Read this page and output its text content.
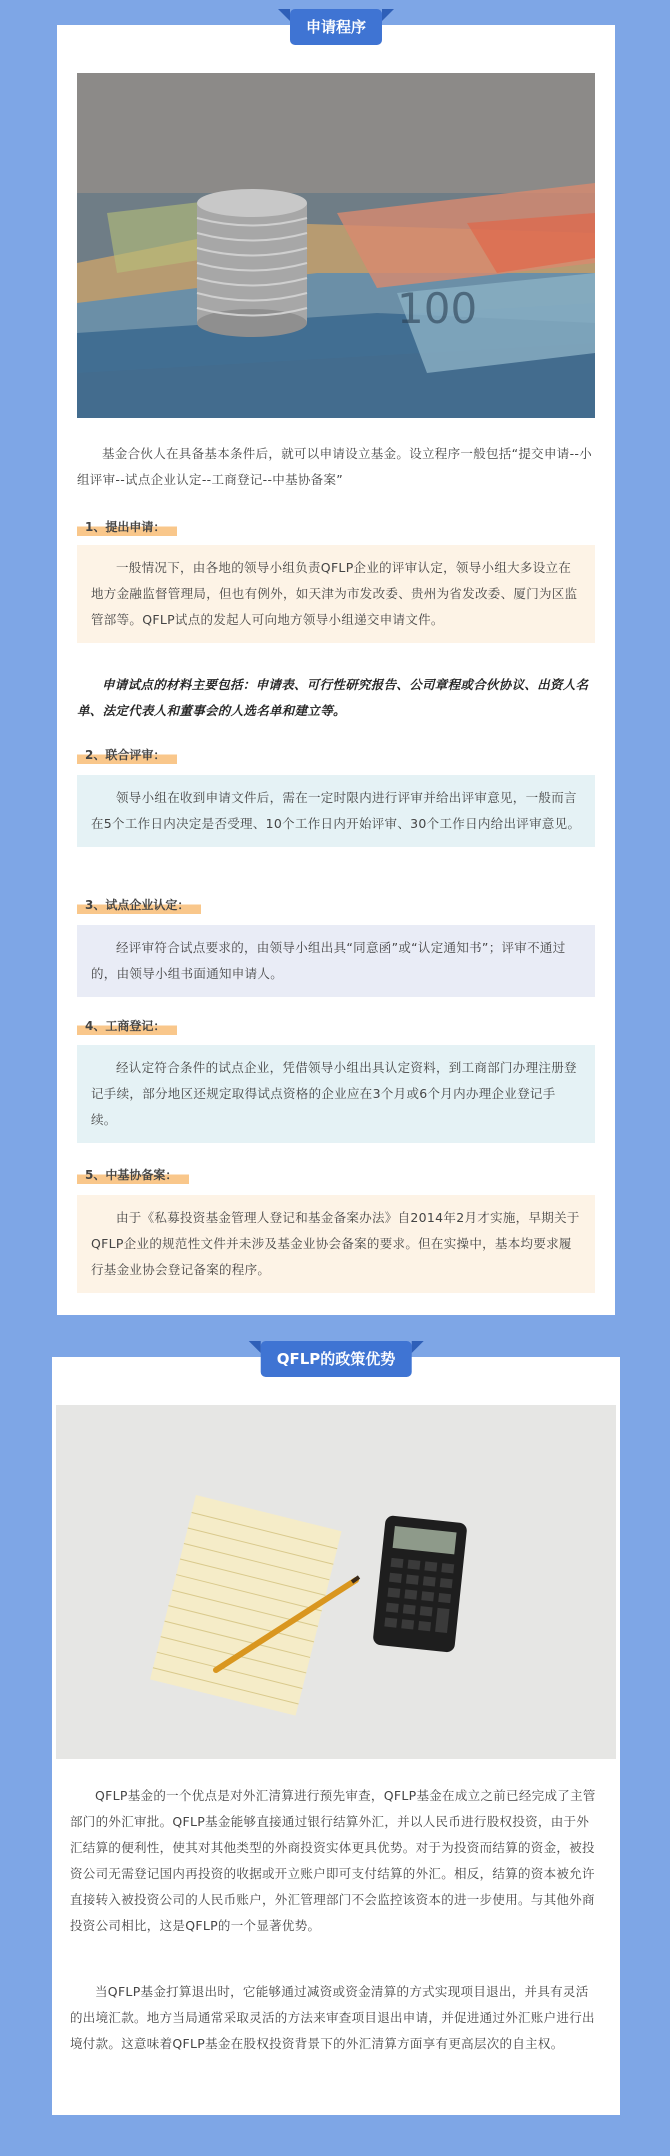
申请程序
100

基金合伙人在具备基本条件后，就可以申请设立基金。设立程序一般包括“提交申请--小组评审--试点企业认定--工商登记--中基协备案”

1、提出申请：
一般情况下，由各地的领导小组负责QFLP企业的评审认定，领导小组大多设立在地方金融监督管理局，但也有例外，如天津为市发改委、贵州为省发改委、厦门为区监管部等。QFLP试点的发起人可向地方领导小组递交申请文件。

申请试点的材料主要包括：申请表、可行性研究报告、公司章程或合伙协议、出资人名单、法定代表人和董事会的人选名单和建立等。

2、联合评审：
领导小组在收到申请文件后，需在一定时限内进行评审并给出评审意见，一般而言在5个工作日内决定是否受理、10个工作日内开始评审、30个工作日内给出评审意见。
3、试点企业认定：
经评审符合试点要求的，由领导小组出具“同意函”或“认定通知书”；评审不通过的，由领导小组书面通知申请人。
4、工商登记：
经认定符合条件的试点企业，凭借领导小组出具认定资料，到工商部门办理注册登记手续，部分地区还规定取得试点资格的企业应在3个月或6个月内办理企业登记手续。
5、中基协备案：
由于《私募投资基金管理人登记和基金备案办法》自2014年2月才实施，早期关于QFLP企业的规范性文件并未涉及基金业协会备案的要求。但在实操中，基本均要求履行基金业协会登记备案的程序。
QFLP的政策优势

QFLP基金的一个优点是对外汇清算进行预先审查，QFLP基金在成立之前已经完成了主管部门的外汇审批。QFLP基金能够直接通过银行结算外汇，并以人民币进行股权投资，由于外汇结算的便利性，使其对其他类型的外商投资实体更具优势。对于为投资而结算的资金，被投资公司无需登记国内再投资的收据或开立账户即可支付结算的外汇。相反，结算的资本被允许直接转入被投资公司的人民币账户，外汇管理部门不会监控该资本的进一步使用。与其他外商投资公司相比，这是QFLP的一个显著优势。

当QFLP基金打算退出时，它能够通过减资或资金清算的方式实现项目退出，并具有灵活的出境汇款。地方当局通常采取灵活的方法来审查项目退出申请，并促进通过外汇账户进行出境付款。这意味着QFLP基金在股权投资背景下的外汇清算方面享有更高层次的自主权。
